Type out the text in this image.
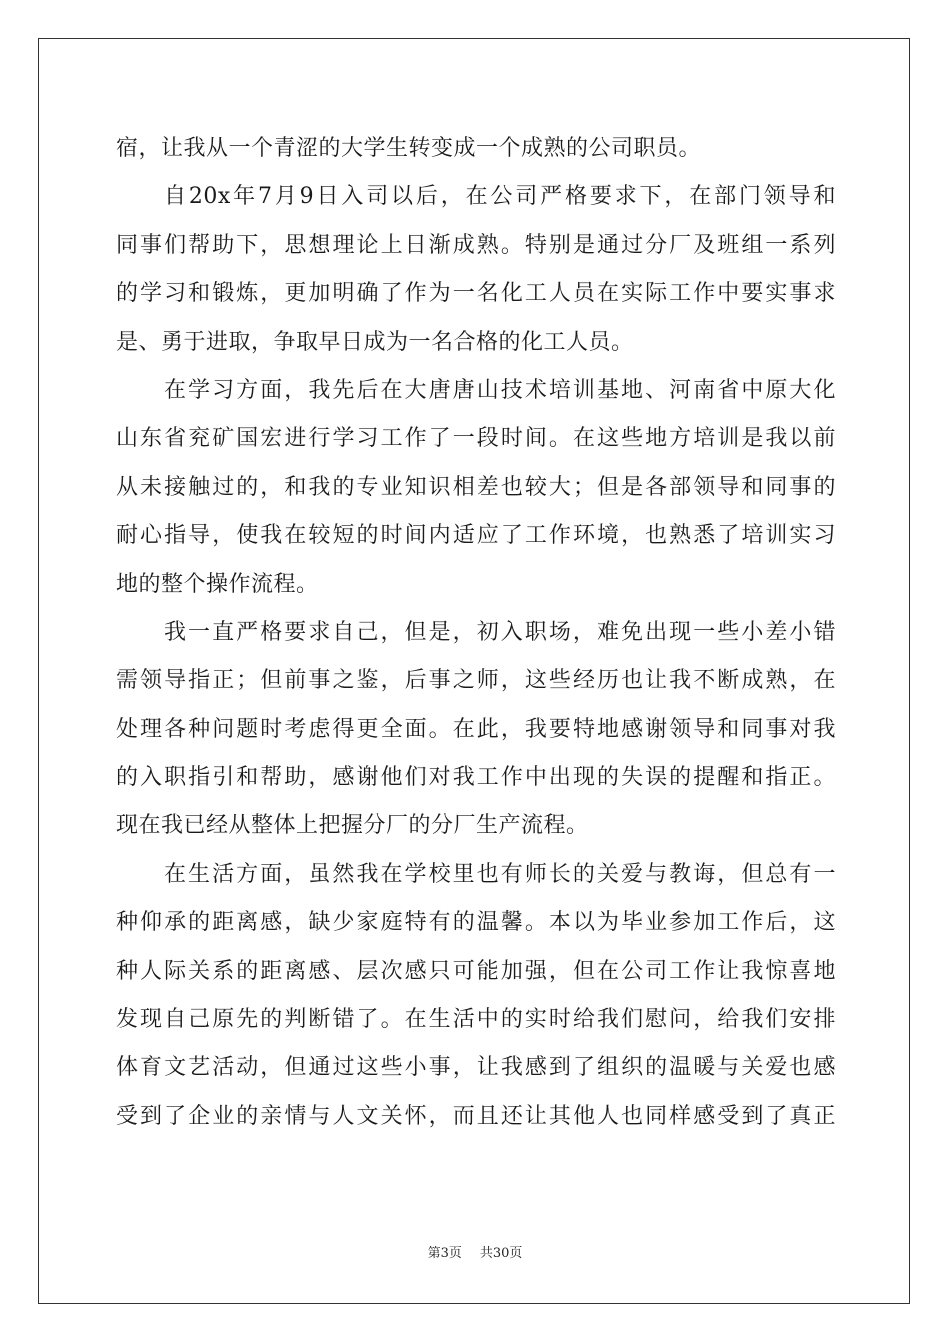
宿，让我从一个青涩的大学生转变成一个成熟的公司职员。
自20x年7月9日入司以后，在公司严格要求下，在部门领导和
同事们帮助下，思想理论上日渐成熟。特别是通过分厂及班组一系列
的学习和锻炼，更加明确了作为一名化工人员在实际工作中要实事求
是、勇于进取，争取早日成为一名合格的化工人员。
在学习方面，我先后在大唐唐山技术培训基地、河南省中原大化
山东省兖矿国宏进行学习工作了一段时间。在这些地方培训是我以前
从未接触过的，和我的专业知识相差也较大；但是各部领导和同事的
耐心指导，使我在较短的时间内适应了工作环境，也熟悉了培训实习
地的整个操作流程。
我一直严格要求自己，但是，初入职场，难免出现一些小差小错
需领导指正；但前事之鉴，后事之师，这些经历也让我不断成熟，在
处理各种问题时考虑得更全面。在此，我要特地感谢领导和同事对我
的入职指引和帮助，感谢他们对我工作中出现的失误的提醒和指正。
现在我已经从整体上把握分厂的分厂生产流程。
在生活方面，虽然我在学校里也有师长的关爱与教诲，但总有一
种仰承的距离感，缺少家庭特有的温馨。本以为毕业参加工作后，这
种人际关系的距离感、层次感只可能加强，但在公司工作让我惊喜地
发现自己原先的判断错了。在生活中的实时给我们慰问，给我们安排
体育文艺活动，但通过这些小事，让我感到了组织的温暖与关爱也感
受到了企业的亲情与人文关怀，而且还让其他人也同样感受到了真正
第3页 共30页
